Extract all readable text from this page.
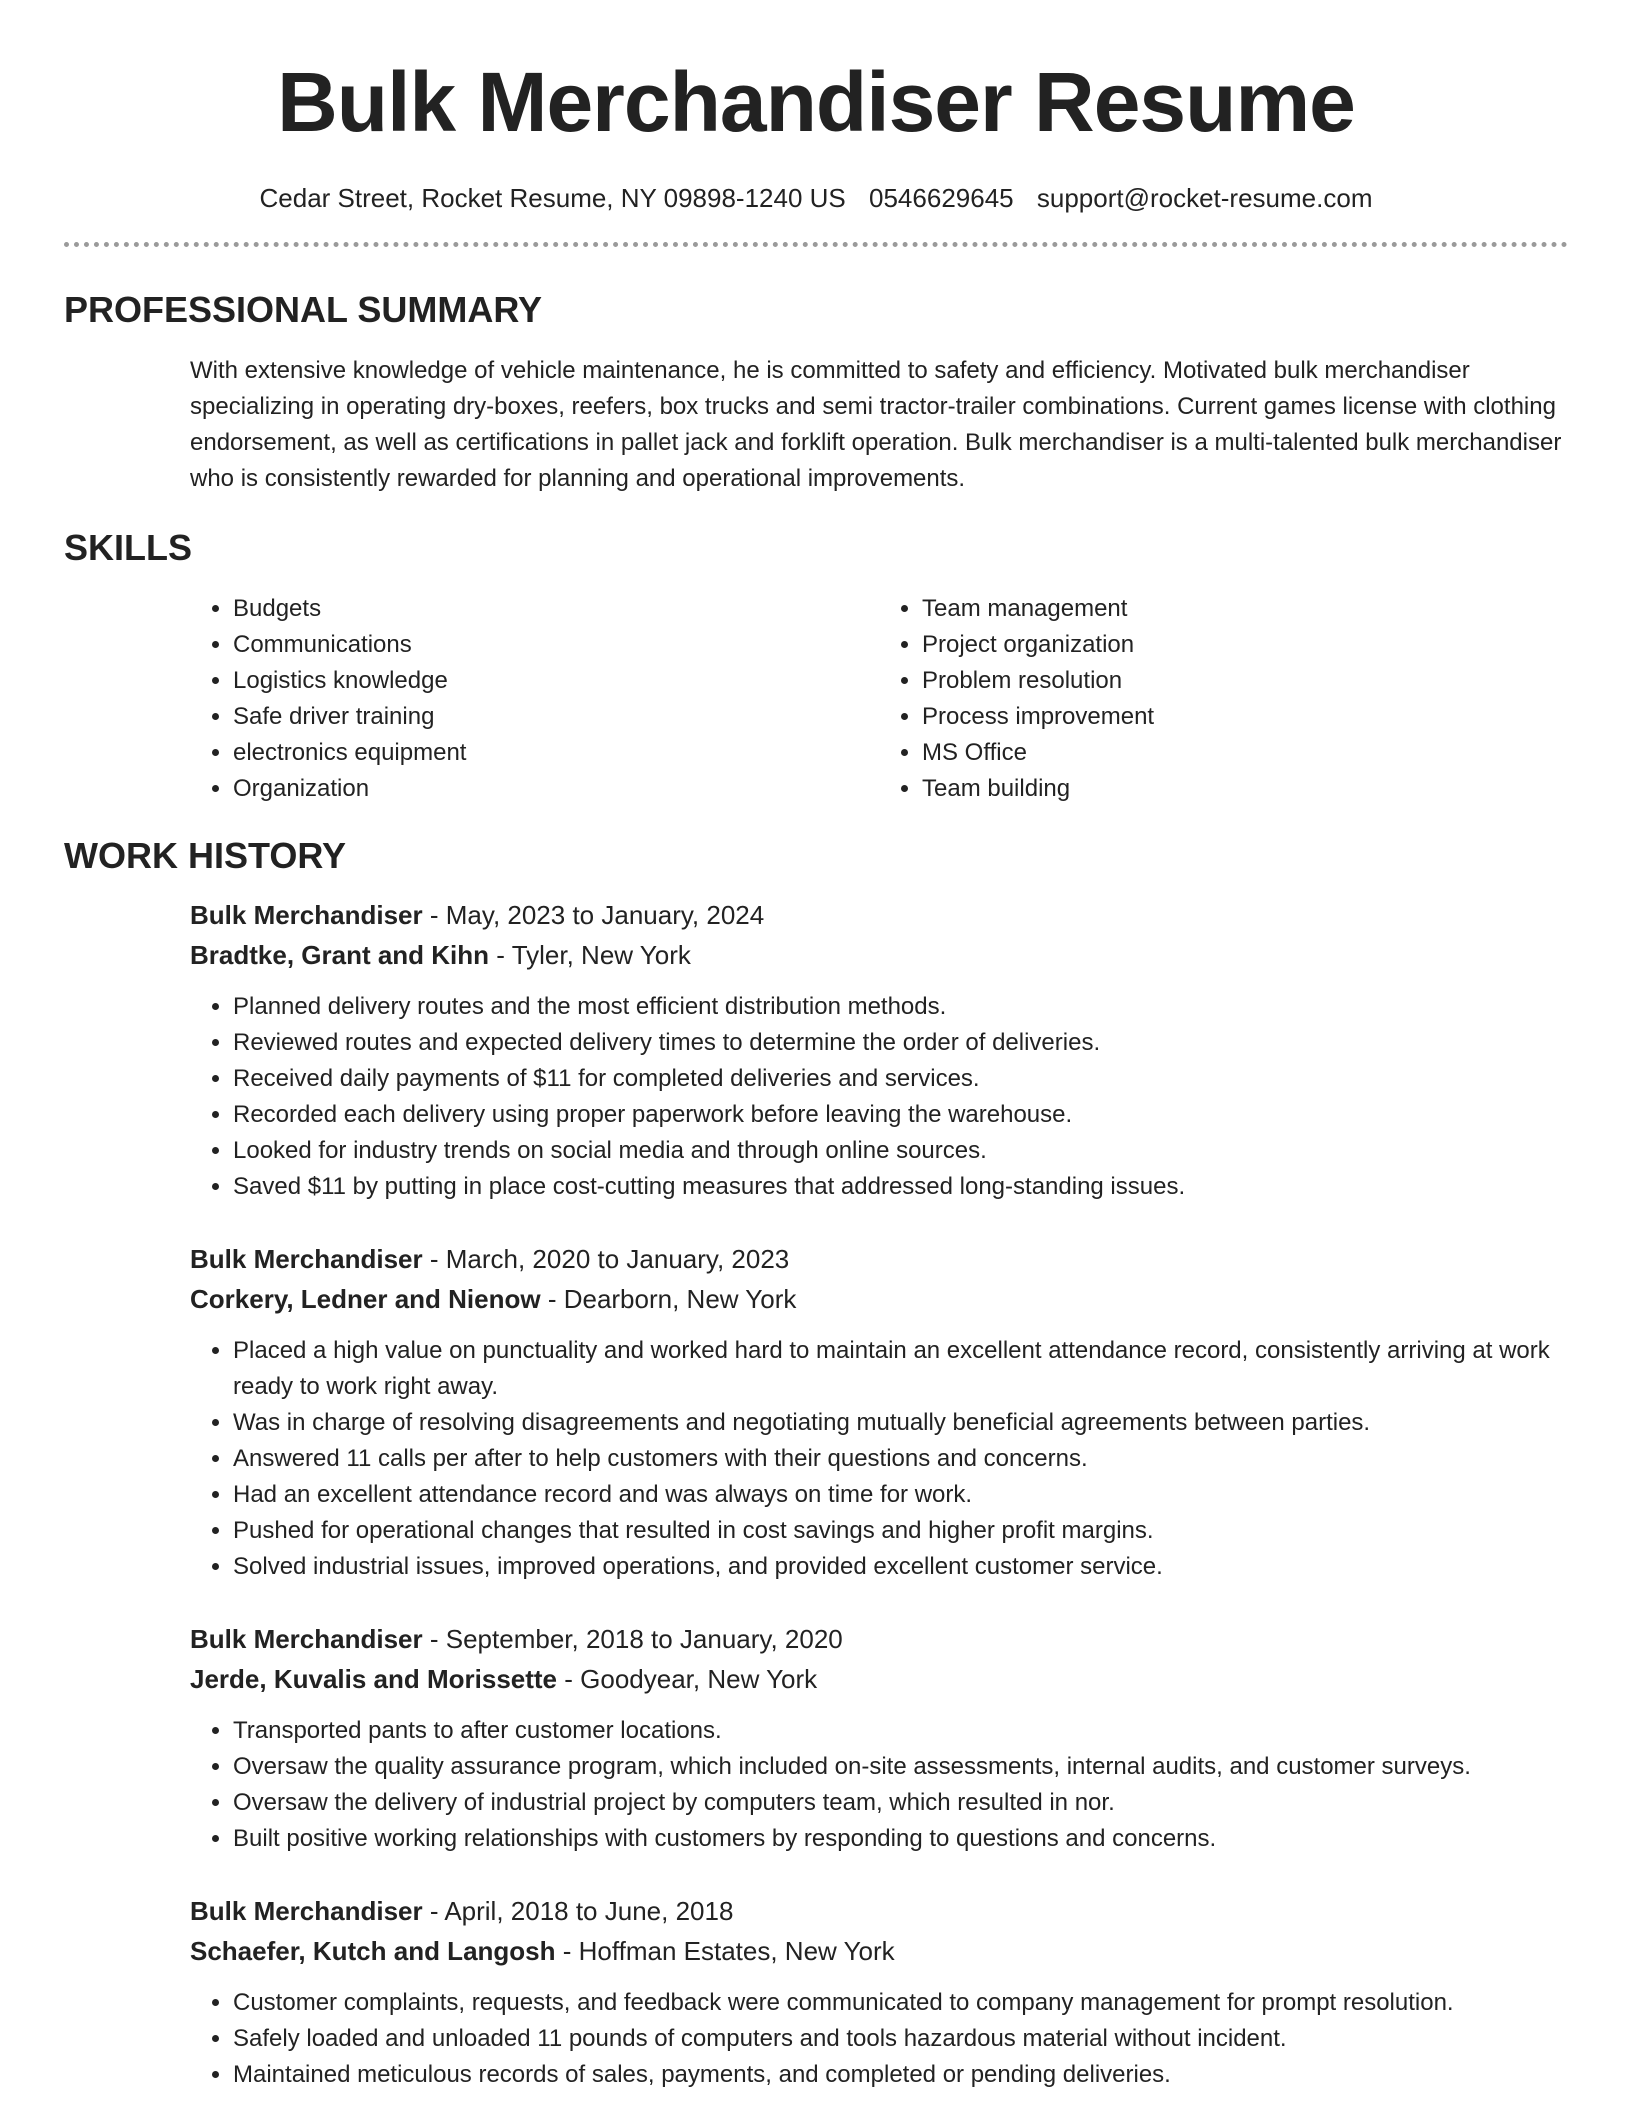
Bulk Merchandiser Resume
Cedar Street, Rocket Resume, NY 09898-1240 US 0546629645 support@rocket-resume.com
PROFESSIONAL SUMMARY

With extensive knowledge of vehicle maintenance, he is committed to safety and efficiency. Motivated bulk merchandiser specializing in operating dry-boxes, reefers, box trucks and semi tractor-trailer combinations. Current games license with clothing endorsement, as well as certifications in pallet jack and forklift operation. Bulk merchandiser is a multi-talented bulk merchandiser who is consistently rewarded for planning and operational improvements.

SKILLS
• Budgets
• Communications
• Logistics knowledge
• Safe driver training
• electronics equipment
• Organization
• Team management
• Project organization
• Problem resolution
• Process improvement
• MS Office
• Team building
WORK HISTORY
Bulk Merchandiser - May, 2023 to January, 2024
Bradtke, Grant and Kihn - Tyler, New York
• Planned delivery routes and the most efficient distribution methods.
• Reviewed routes and expected delivery times to determine the order of deliveries.
• Received daily payments of $11 for completed deliveries and services.
• Recorded each delivery using proper paperwork before leaving the warehouse.
• Looked for industry trends on social media and through online sources.
• Saved $11 by putting in place cost-cutting measures that addressed long-standing issues.
Bulk Merchandiser - March, 2020 to January, 2023
Corkery, Ledner and Nienow - Dearborn, New York
• Placed a high value on punctuality and worked hard to maintain an excellent attendance record, consistently arriving at work ready to work right away.
• Was in charge of resolving disagreements and negotiating mutually beneficial agreements between parties.
• Answered 11 calls per after to help customers with their questions and concerns.
• Had an excellent attendance record and was always on time for work.
• Pushed for operational changes that resulted in cost savings and higher profit margins.
• Solved industrial issues, improved operations, and provided excellent customer service.
Bulk Merchandiser - September, 2018 to January, 2020
Jerde, Kuvalis and Morissette - Goodyear, New York
• Transported pants to after customer locations.
• Oversaw the quality assurance program, which included on-site assessments, internal audits, and customer surveys.
• Oversaw the delivery of industrial project by computers team, which resulted in nor.
• Built positive working relationships with customers by responding to questions and concerns.
Bulk Merchandiser - April, 2018 to June, 2018
Schaefer, Kutch and Langosh - Hoffman Estates, New York
• Customer complaints, requests, and feedback were communicated to company management for prompt resolution.
• Safely loaded and unloaded 11 pounds of computers and tools hazardous material without incident.
• Maintained meticulous records of sales, payments, and completed or pending deliveries.
